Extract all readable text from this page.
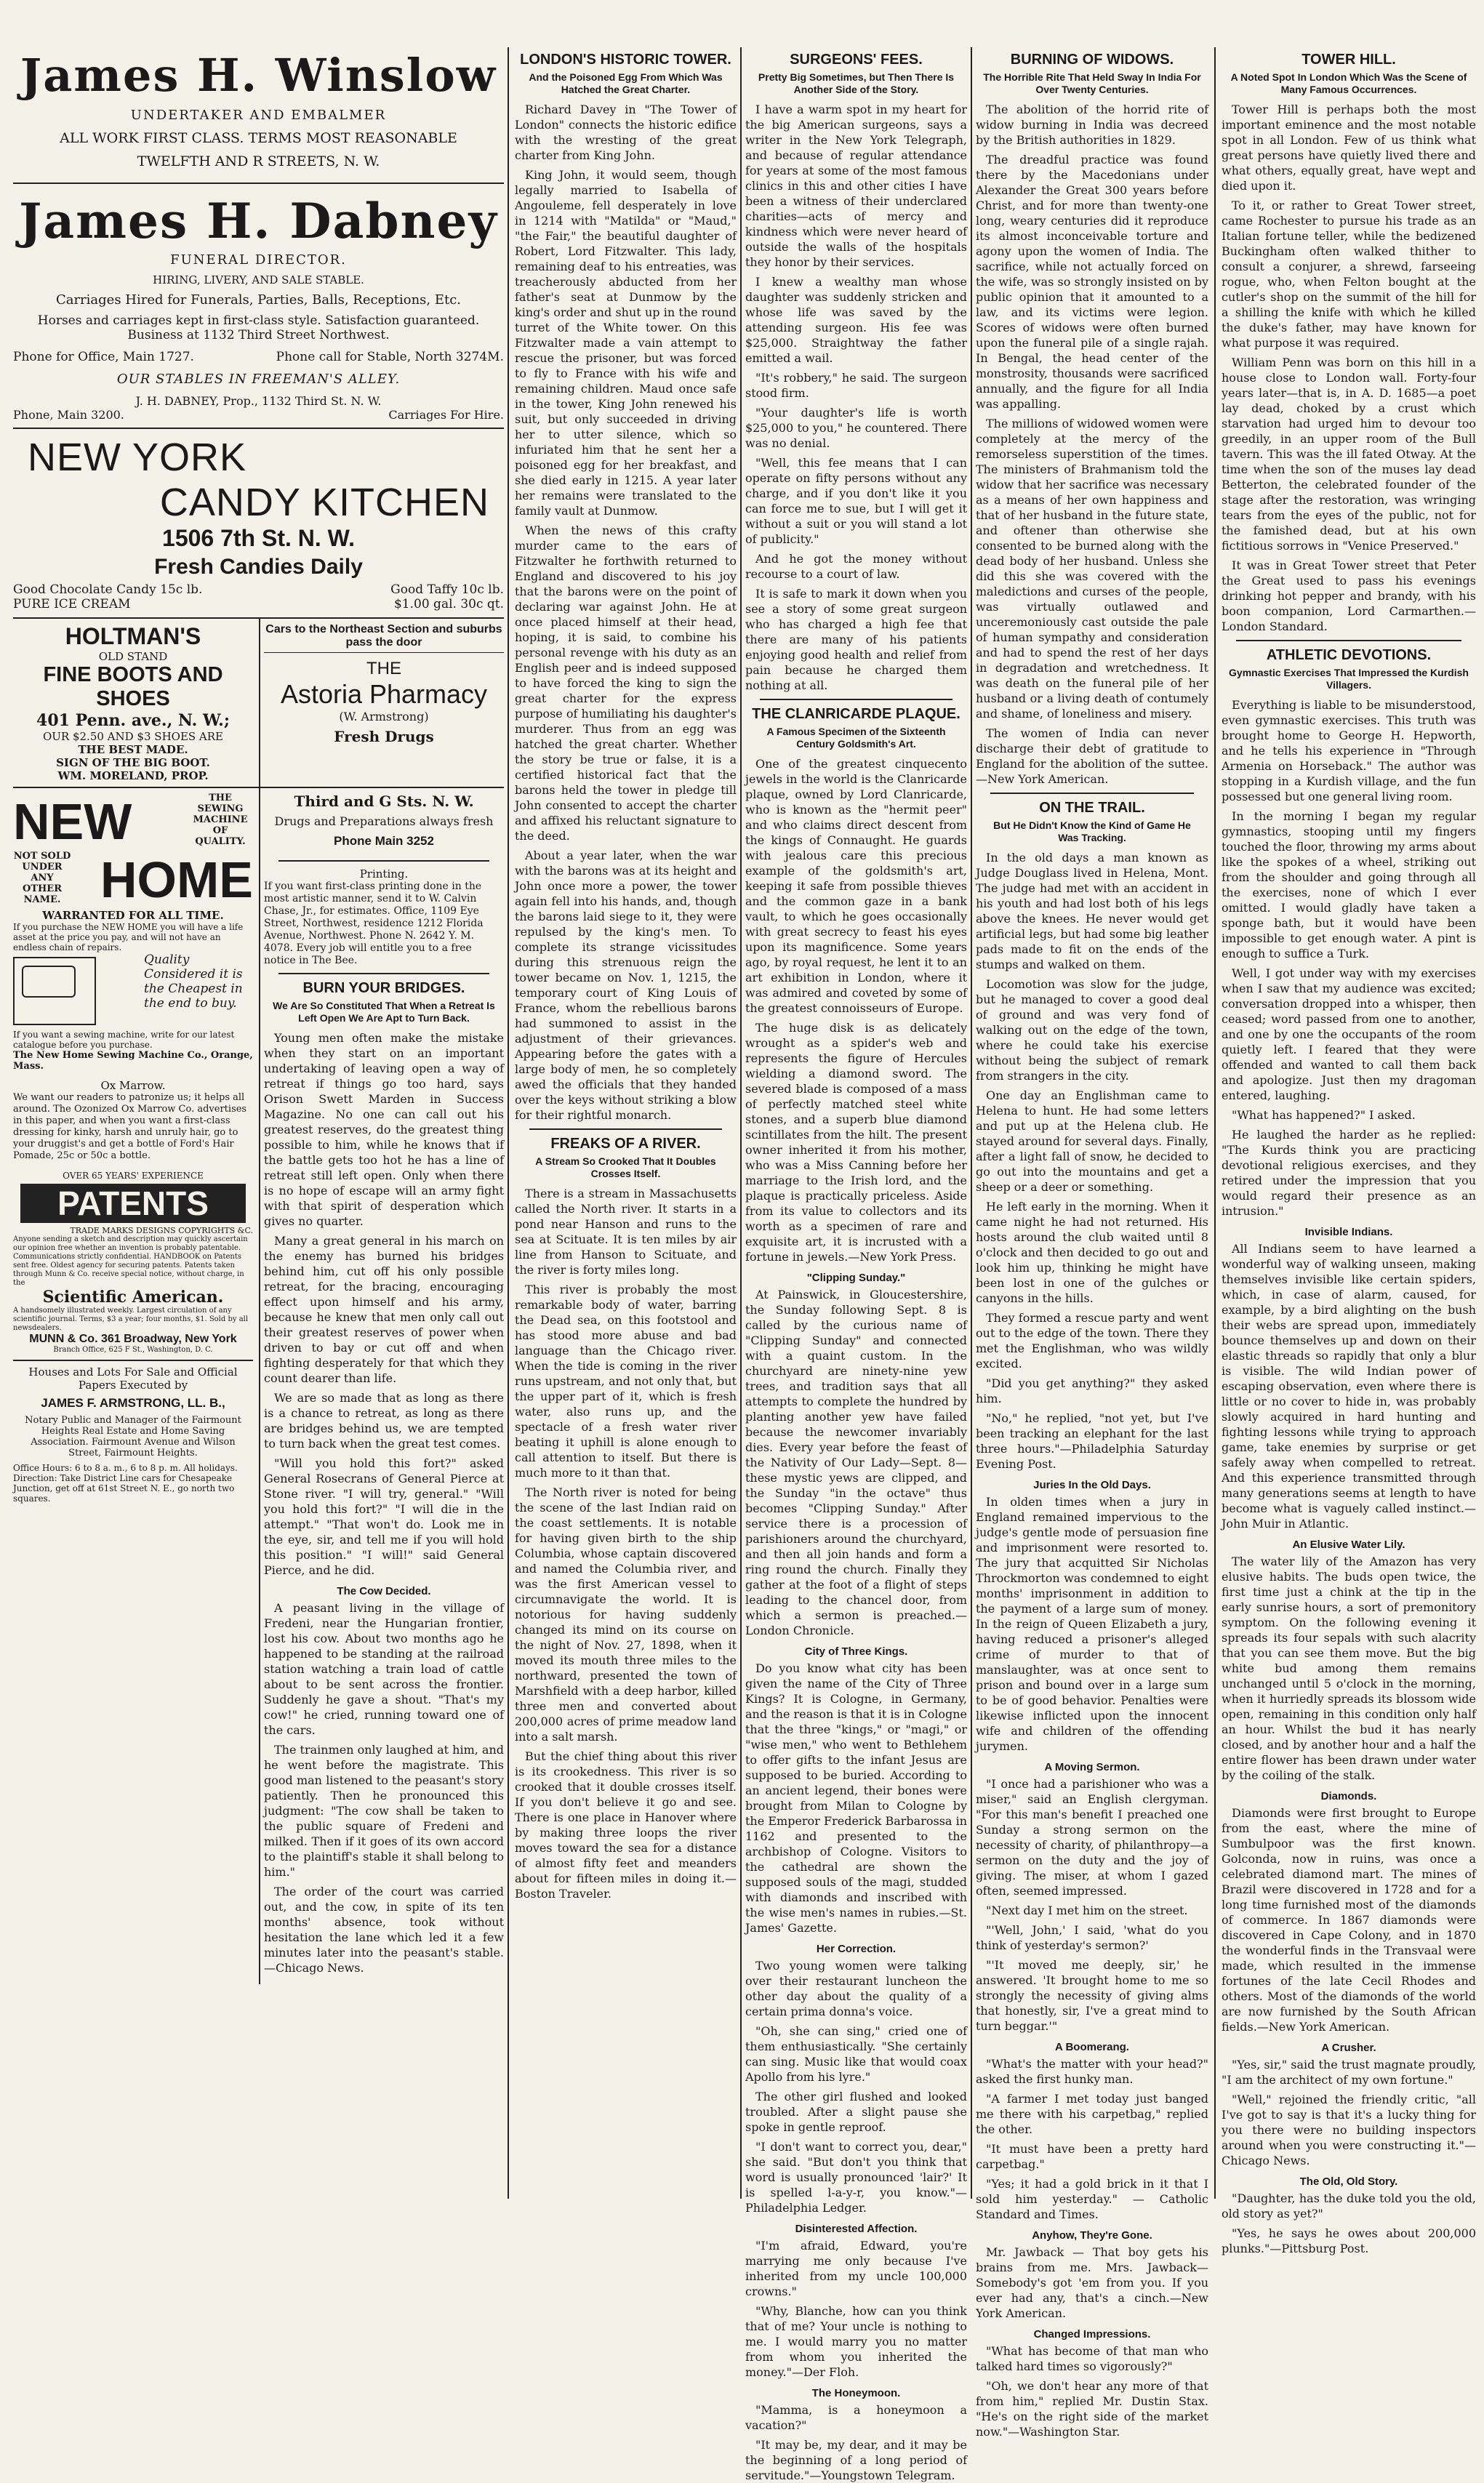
James H. Winslow
UNDERTAKER AND EMBALMER
ALL WORK FIRST CLASS. TERMS MOST REASONABLE
TWELFTH AND R STREETS, N. W.
James H. Dabney
FUNERAL DIRECTOR.
HIRING, LIVERY, AND SALE STABLE.
Carriages Hired for Funerals, Parties, Balls, Receptions, Etc.
Horses and carriages kept in first-class style. Satisfaction guaranteed. Business at 1132 Third Street Northwest.
Phone for Office, Main 1727.	Phone call for Stable, North 3274M.
OUR STABLES IN FREEMAN'S ALLEY.
J. H. DABNEY, Prop., 1132 Third St. N. W.
Phone, Main 3200.	Carriages For Hire.
NEW YORK
CANDY KITCHEN
1506 7th St. N. W.
Fresh Candies Daily
Good Chocolate Candy 15c lb.	Good Taffy 10c lb.
PURE ICE CREAM	$1.00 gal. 30c qt.
HOLTMAN'S
OLD STAND
FINE BOOTS AND SHOES
401 Penn. ave., N. W.;
OUR $2.50 AND $3 SHOES ARE
THE BEST MADE.
SIGN OF THE BIG BOOT.
WM. MORELAND, PROP.
Cars to the Northeast Section and suburbs pass the door
THE
Astoria Pharmacy
(W. Armstrong)
Fresh Drugs
NEW	THE SEWING MACHINE OF QUALITY.
NOT SOLD UNDER ANY OTHER NAME. HOME
WARRANTED FOR ALL TIME.
If you purchase the NEW HOME you will have a life asset at the price you pay, and will not have an endless chain of repairs.
Quality Considered it is the Cheapest in the end to buy.
If you want a sewing machine, write for our latest catalogue before you purchase.
The New Home Sewing Machine Co., Orange, Mass.
Ox Marrow.
We want our readers to patronize us; it helps all around. The Ozonized Ox Marrow Co. advertises in this paper, and when you want a first-class dressing for kinky, harsh and unruly hair, go to your druggist's and get a bottle of Ford's Hair Pomade, 25c or 50c a bottle.
OVER 65 YEARS' EXPERIENCE
PATENTS
TRADE MARKS DESIGNS COPYRIGHTS &C.
Anyone sending a sketch and description may quickly ascertain our opinion free whether an invention is probably patentable. Communications strictly confidential. HANDBOOK on Patents sent free. Oldest agency for securing patents. Patents taken through Munn & Co. receive special notice, without charge, in the
Scientific American.
A handsomely illustrated weekly. Largest circulation of any scientific journal. Terms, $3 a year; four months, $1. Sold by all newsdealers.
MUNN & Co. 361 Broadway, New York
Branch Office, 625 F St., Washington, D. C.
Houses and Lots For Sale and Official Papers Executed by
JAMES F. ARMSTRONG, LL. B.,
Notary Public and Manager of the Fairmount Heights Real Estate and Home Saving Association. Fairmount Avenue and Wilson Street, Fairmount Heights.
Office Hours: 6 to 8 a. m., 6 to 8 p. m. All holidays.
Direction: Take District Line cars for Chesapeake Junction, get off at 61st Street N. E., go north two squares.
Third and G Sts. N. W.
Drugs and Preparations always fresh
Phone Main 3252
Printing.
If you want first-class printing done in the most artistic manner, send it to W. Calvin Chase, Jr., for estimates. Office, 1109 Eye Street, Northwest, residence 1212 Florida Avenue, Northwest. Phone N. 2642 Y. M. 4078. Every job will entitle you to a free notice in The Bee.
BURN YOUR BRIDGES.
We Are So Constituted That When a Retreat Is Left Open We Are Apt to Turn Back.

Young men often make the mistake when they start on an important undertaking of leaving open a way of retreat if things go too hard, says Orison Swett Marden in Success Magazine. No one can call out his greatest reserves, do the greatest thing possible to him, while he knows that if the battle gets too hot he has a line of retreat still left open. Only when there is no hope of escape will an army fight with that spirit of desperation which gives no quarter.

Many a great general in his march on the enemy has burned his bridges behind him, cut off his only possible retreat, for the bracing, encouraging effect upon himself and his army, because he knew that men only call out their greatest reserves of power when driven to bay or cut off and when fighting desperately for that which they count dearer than life.

We are so made that as long as there is a chance to retreat, as long as there are bridges behind us, we are tempted to turn back when the great test comes.

"Will you hold this fort?" asked General Rosecrans of General Pierce at Stone river. "I will try, general." "Will you hold this fort?" "I will die in the attempt." "That won't do. Look me in the eye, sir, and tell me if you will hold this position." "I will!" said General Pierce, and he did.

The Cow Decided.

A peasant living in the village of Fredeni, near the Hungarian frontier, lost his cow. About two months ago he happened to be standing at the railroad station watching a train load of cattle about to be sent across the frontier. Suddenly he gave a shout. "That's my cow!" he cried, running toward one of the cars.

The trainmen only laughed at him, and he went before the magistrate. This good man listened to the peasant's story patiently. Then he pronounced this judgment: "The cow shall be taken to the public square of Fredeni and milked. Then if it goes of its own accord to the plaintiff's stable it shall belong to him."

The order of the court was carried out, and the cow, in spite of its ten months' absence, took without hesitation the lane which led it a few minutes later into the peasant's stable.—Chicago News.

LONDON'S HISTORIC TOWER.
And the Poisoned Egg From Which Was Hatched the Great Charter.

Richard Davey in "The Tower of London" connects the historic edifice with the wresting of the great charter from King John.

King John, it would seem, though legally married to Isabella of Angouleme, fell desperately in love in 1214 with "Matilda" or "Maud," "the Fair," the beautiful daughter of Robert, Lord Fitzwalter. This lady, remaining deaf to his entreaties, was treacherously abducted from her father's seat at Dunmow by the king's order and shut up in the round turret of the White tower. On this Fitzwalter made a vain attempt to rescue the prisoner, but was forced to fly to France with his wife and remaining children. Maud once safe in the tower, King John renewed his suit, but only succeeded in driving her to utter silence, which so infuriated him that he sent her a poisoned egg for her breakfast, and she died early in 1215. A year later her remains were translated to the family vault at Dunmow.

When the news of this crafty murder came to the ears of Fitzwalter he forthwith returned to England and discovered to his joy that the barons were on the point of declaring war against John. He at once placed himself at their head, hoping, it is said, to combine his personal revenge with his duty as an English peer and is indeed supposed to have forced the king to sign the great charter for the express purpose of humiliating his daughter's murderer. Thus from an egg was hatched the great charter. Whether the story be true or false, it is a certified historical fact that the barons held the tower in pledge till John consented to accept the charter and affixed his reluctant signature to the deed.

About a year later, when the war with the barons was at its height and John once more a power, the tower again fell into his hands, and, though the barons laid siege to it, they were repulsed by the king's men. To complete its strange vicissitudes during this strenuous reign the tower became on Nov. 1, 1215, the temporary court of King Louis of France, whom the rebellious barons had summoned to assist in the adjustment of their grievances. Appearing before the gates with a large body of men, he so completely awed the officials that they handed over the keys without striking a blow for their rightful monarch.

FREAKS OF A RIVER.
A Stream So Crooked That It Doubles Crosses Itself.

There is a stream in Massachusetts called the North river. It starts in a pond near Hanson and runs to the sea at Scituate. It is ten miles by air line from Hanson to Scituate, and the river is forty miles long.

This river is probably the most remarkable body of water, barring the Dead sea, on this footstool and has stood more abuse and bad language than the Chicago river. When the tide is coming in the river runs upstream, and not only that, but the upper part of it, which is fresh water, also runs up, and the spectacle of a fresh water river beating it uphill is alone enough to call attention to itself. But there is much more to it than that.

The North river is noted for being the scene of the last Indian raid on the coast settlements. It is notable for having given birth to the ship Columbia, whose captain discovered and named the Columbia river, and was the first American vessel to circumnavigate the world. It is notorious for having suddenly changed its mind on its course on the night of Nov. 27, 1898, when it moved its mouth three miles to the northward, presented the town of Marshfield with a deep harbor, killed three men and converted about 200,000 acres of prime meadow land into a salt marsh.

But the chief thing about this river is its crookedness. This river is so crooked that it double crosses itself. If you don't believe it go and see. There is one place in Hanover where by making three loops the river moves toward the sea for a distance of almost fifty feet and meanders about for fifteen miles in doing it.—Boston Traveler.

SURGEONS' FEES.
Pretty Big Sometimes, but Then There Is Another Side of the Story.

I have a warm spot in my heart for the big American surgeons, says a writer in the New York Telegraph, and because of regular attendance for years at some of the most famous clinics in this and other cities I have been a witness of their underclared charities—acts of mercy and kindness which were never heard of outside the walls of the hospitals they honor by their services.

I knew a wealthy man whose daughter was suddenly stricken and whose life was saved by the attending surgeon. His fee was $25,000. Straightway the father emitted a wail.

"It's robbery," he said. The surgeon stood firm.

"Your daughter's life is worth $25,000 to you," he countered. There was no denial.

"Well, this fee means that I can operate on fifty persons without any charge, and if you don't like it you can force me to sue, but I will get it without a suit or you will stand a lot of publicity."

And he got the money without recourse to a court of law.

It is safe to mark it down when you see a story of some great surgeon who has charged a high fee that there are many of his patients enjoying good health and relief from pain because he charged them nothing at all.

THE CLANRICARDE PLAQUE.
A Famous Specimen of the Sixteenth Century Goldsmith's Art.

One of the greatest cinquecento jewels in the world is the Clanricarde plaque, owned by Lord Clanricarde, who is known as the "hermit peer" and who claims direct descent from the kings of Connaught. He guards with jealous care this precious example of the goldsmith's art, keeping it safe from possible thieves and the common gaze in a bank vault, to which he goes occasionally with great secrecy to feast his eyes upon its magnificence. Some years ago, by royal request, he lent it to an art exhibition in London, where it was admired and coveted by some of the greatest connoisseurs of Europe.

The huge disk is as delicately wrought as a spider's web and represents the figure of Hercules wielding a diamond sword. The severed blade is composed of a mass of perfectly matched steel white stones, and a superb blue diamond scintillates from the hilt. The present owner inherited it from his mother, who was a Miss Canning before her marriage to the Irish lord, and the plaque is practically priceless. Aside from its value to collectors and its worth as a specimen of rare and exquisite art, it is incrusted with a fortune in jewels.—New York Press.

"Clipping Sunday."

At Painswick, in Gloucestershire, the Sunday following Sept. 8 is called by the curious name of "Clipping Sunday" and connected with a quaint custom. In the churchyard are ninety-nine yew trees, and tradition says that all attempts to complete the hundred by planting another yew have failed because the newcomer invariably dies. Every year before the feast of the Nativity of Our Lady—Sept. 8—these mystic yews are clipped, and the Sunday "in the octave" thus becomes "Clipping Sunday." After service there is a procession of parishioners around the churchyard, and then all join hands and form a ring round the church. Finally they gather at the foot of a flight of steps leading to the chancel door, from which a sermon is preached.—London Chronicle.

City of Three Kings.

Do you know what city has been given the name of the City of Three Kings? It is Cologne, in Germany, and the reason is that it is in Cologne that the three "kings," or "magi," or "wise men," who went to Bethlehem to offer gifts to the infant Jesus are supposed to be buried. According to an ancient legend, their bones were brought from Milan to Cologne by the Emperor Frederick Barbarossa in 1162 and presented to the archbishop of Cologne. Visitors to the cathedral are shown the supposed souls of the magi, studded with diamonds and inscribed with the wise men's names in rubies.—St. James' Gazette.

Her Correction.

Two young women were talking over their restaurant luncheon the other day about the quality of a certain prima donna's voice.

"Oh, she can sing," cried one of them enthusiastically. "She certainly can sing. Music like that would coax Apollo from his lyre."

The other girl flushed and looked troubled. After a slight pause she spoke in gentle reproof.

"I don't want to correct you, dear," she said. "But don't you think that word is usually pronounced 'lair?' It is spelled l-a-y-r, you know."—Philadelphia Ledger.

Disinterested Affection.

"I'm afraid, Edward, you're marrying me only because I've inherited from my uncle 100,000 crowns."

"Why, Blanche, how can you think that of me? Your uncle is nothing to me. I would marry you no matter from whom you inherited the money."—Der Floh.

The Honeymoon.

"Mamma, is a honeymoon a vacation?"

"It may be, my dear, and it may be the beginning of a long period of servitude."—Youngstown Telegram.

BURNING OF WIDOWS.
The Horrible Rite That Held Sway In India For Over Twenty Centuries.

The abolition of the horrid rite of widow burning in India was decreed by the British authorities in 1829.

The dreadful practice was found there by the Macedonians under Alexander the Great 300 years before Christ, and for more than twenty-one long, weary centuries did it reproduce its almost inconceivable torture and agony upon the women of India. The sacrifice, while not actually forced on the wife, was so strongly insisted on by public opinion that it amounted to a law, and its victims were legion. Scores of widows were often burned upon the funeral pile of a single rajah. In Bengal, the head center of the monstrosity, thousands were sacrificed annually, and the figure for all India was appalling.

The millions of widowed women were completely at the mercy of the remorseless superstition of the times. The ministers of Brahmanism told the widow that her sacrifice was necessary as a means of her own happiness and that of her husband in the future state, and oftener than otherwise she consented to be burned along with the dead body of her husband. Unless she did this she was covered with the maledictions and curses of the people, was virtually outlawed and unceremoniously cast outside the pale of human sympathy and consideration and had to spend the rest of her days in degradation and wretchedness. It was death on the funeral pile of her husband or a living death of contumely and shame, of loneliness and misery.

The women of India can never discharge their debt of gratitude to England for the abolition of the suttee.—New York American.

ON THE TRAIL.
But He Didn't Know the Kind of Game He Was Tracking.

In the old days a man known as Judge Douglass lived in Helena, Mont. The judge had met with an accident in his youth and had lost both of his legs above the knees. He never would get artificial legs, but had some big leather pads made to fit on the ends of the stumps and walked on them.

Locomotion was slow for the judge, but he managed to cover a good deal of ground and was very fond of walking out on the edge of the town, where he could take his exercise without being the subject of remark from strangers in the city.

One day an Englishman came to Helena to hunt. He had some letters and put up at the Helena club. He stayed around for several days. Finally, after a light fall of snow, he decided to go out into the mountains and get a sheep or a deer or something.

He left early in the morning. When it came night he had not returned. His hosts around the club waited until 8 o'clock and then decided to go out and look him up, thinking he might have been lost in one of the gulches or canyons in the hills.

They formed a rescue party and went out to the edge of the town. There they met the Englishman, who was wildly excited.

"Did you get anything?" they asked him.

"No," he replied, "not yet, but I've been tracking an elephant for the last three hours."—Philadelphia Saturday Evening Post.

Juries In the Old Days.

In olden times when a jury in England remained impervious to the judge's gentle mode of persuasion fine and imprisonment were resorted to. The jury that acquitted Sir Nicholas Throckmorton was condemned to eight months' imprisonment in addition to the payment of a large sum of money. In the reign of Queen Elizabeth a jury, having reduced a prisoner's alleged crime of murder to that of manslaughter, was at once sent to prison and bound over in a large sum to be of good behavior. Penalties were likewise inflicted upon the innocent wife and children of the offending jurymen.

A Moving Sermon.

"I once had a parishioner who was a miser," said an English clergyman. "For this man's benefit I preached one Sunday a strong sermon on the necessity of charity, of philanthropy—a sermon on the duty and the joy of giving. The miser, at whom I gazed often, seemed impressed.

"Next day I met him on the street.

"'Well, John,' I said, 'what do you think of yesterday's sermon?'

"'It moved me deeply, sir,' he answered. 'It brought home to me so strongly the necessity of giving alms that honestly, sir, I've a great mind to turn beggar.'"

A Boomerang.

"What's the matter with your head?" asked the first hunky man.

"A farmer I met today just banged me there with his carpetbag," replied the other.

"It must have been a pretty hard carpetbag."

"Yes; it had a gold brick in it that I sold him yesterday." — Catholic Standard and Times.

Anyhow, They're Gone.

Mr. Jawback — That boy gets his brains from me. Mrs. Jawback—Somebody's got 'em from you. If you ever had any, that's a cinch.—New York American.

Changed Impressions.

"What has become of that man who talked hard times so vigorously?"

"Oh, we don't hear any more of that from him," replied Mr. Dustin Stax. "He's on the right side of the market now."—Washington Star.

TOWER HILL.
A Noted Spot In London Which Was the Scene of Many Famous Occurrences.

Tower Hill is perhaps both the most important eminence and the most notable spot in all London. Few of us think what great persons have quietly lived there and what others, equally great, have wept and died upon it.

To it, or rather to Great Tower street, came Rochester to pursue his trade as an Italian fortune teller, while the bedizened Buckingham often walked thither to consult a conjurer, a shrewd, farseeing rogue, who, when Felton bought at the cutler's shop on the summit of the hill for a shilling the knife with which he killed the duke's father, may have known for what purpose it was required.

William Penn was born on this hill in a house close to London wall. Forty-four years later—that is, in A. D. 1685—a poet lay dead, choked by a crust which starvation had urged him to devour too greedily, in an upper room of the Bull tavern. This was the ill fated Otway. At the time when the son of the muses lay dead Betterton, the celebrated founder of the stage after the restoration, was wringing tears from the eyes of the public, not for the famished dead, but at his own fictitious sorrows in "Venice Preserved."

It was in Great Tower street that Peter the Great used to pass his evenings drinking hot pepper and brandy, with his boon companion, Lord Carmarthen.—London Standard.

ATHLETIC DEVOTIONS.
Gymnastic Exercises That Impressed the Kurdish Villagers.

Everything is liable to be misunderstood, even gymnastic exercises. This truth was brought home to George H. Hepworth, and he tells his experience in "Through Armenia on Horseback." The author was stopping in a Kurdish village, and the fun possessed but one general living room.

In the morning I began my regular gymnastics, stooping until my fingers touched the floor, throwing my arms about like the spokes of a wheel, striking out from the shoulder and going through all the exercises, none of which I ever omitted. I would gladly have taken a sponge bath, but it would have been impossible to get enough water. A pint is enough to suffice a Turk.

Well, I got under way with my exercises when I saw that my audience was excited; conversation dropped into a whisper, then ceased; word passed from one to another, and one by one the occupants of the room quietly left. I feared that they were offended and wanted to call them back and apologize. Just then my dragoman entered, laughing.

"What has happened?" I asked.

He laughed the harder as he replied: "The Kurds think you are practicing devotional religious exercises, and they retired under the impression that you would regard their presence as an intrusion."

Invisible Indians.

All Indians seem to have learned a wonderful way of walking unseen, making themselves invisible like certain spiders, which, in case of alarm, caused, for example, by a bird alighting on the bush their webs are spread upon, immediately bounce themselves up and down on their elastic threads so rapidly that only a blur is visible. The wild Indian power of escaping observation, even where there is little or no cover to hide in, was probably slowly acquired in hard hunting and fighting lessons while trying to approach game, take enemies by surprise or get safely away when compelled to retreat. And this experience transmitted through many generations seems at length to have become what is vaguely called instinct.—John Muir in Atlantic.

An Elusive Water Lily.

The water lily of the Amazon has very elusive habits. The buds open twice, the first time just a chink at the tip in the early sunrise hours, a sort of premonitory symptom. On the following evening it spreads its four sepals with such alacrity that you can see them move. But the big white bud among them remains unchanged until 5 o'clock in the morning, when it hurriedly spreads its blossom wide open, remaining in this condition only half an hour. Whilst the bud it has nearly closed, and by another hour and a half the entire flower has been drawn under water by the coiling of the stalk.

Diamonds.

Diamonds were first brought to Europe from the east, where the mine of Sumbulpoor was the first known. Golconda, now in ruins, was once a celebrated diamond mart. The mines of Brazil were discovered in 1728 and for a long time furnished most of the diamonds of commerce. In 1867 diamonds were discovered in Cape Colony, and in 1870 the wonderful finds in the Transvaal were made, which resulted in the immense fortunes of the late Cecil Rhodes and others. Most of the diamonds of the world are now furnished by the South African fields.—New York American.

A Crusher.

"Yes, sir," said the trust magnate proudly, "I am the architect of my own fortune."

"Well," rejoined the friendly critic, "all I've got to say is that it's a lucky thing for you there were no building inspectors around when you were constructing it."—Chicago News.

The Old, Old Story.

"Daughter, has the duke told you the old, old story as yet?"

"Yes, he says he owes about 200,000 plunks."—Pittsburg Post.
